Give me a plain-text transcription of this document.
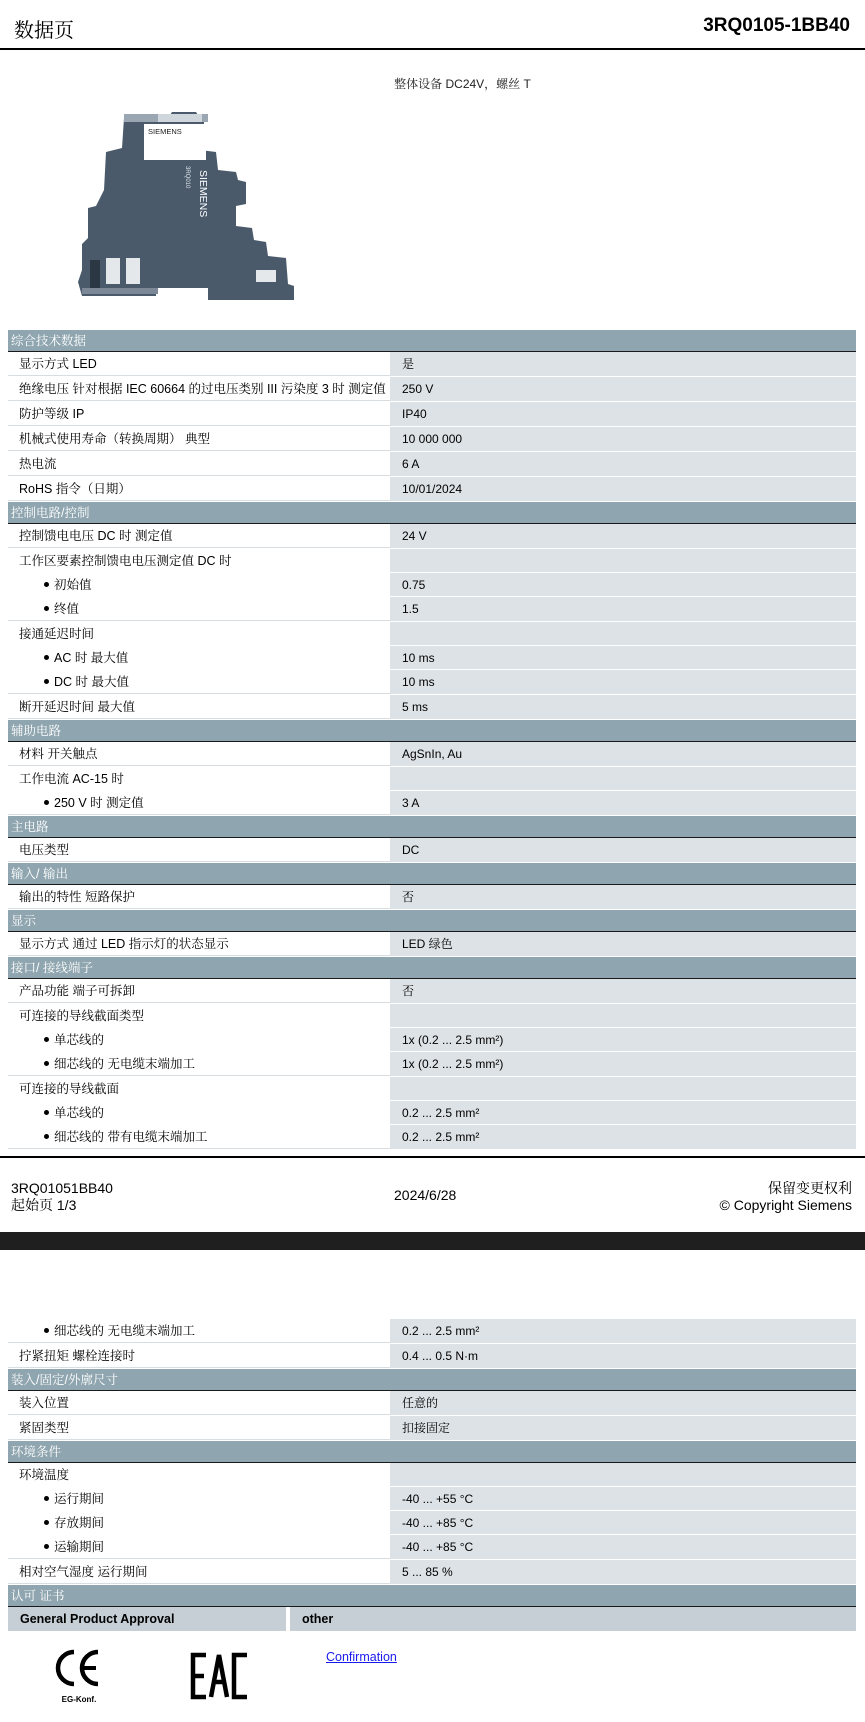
数据页	3RQ0105-1BB40
整体设备 DC24V，螺丝 T
SIEMENS
SIEMENS
3RQ010
综合技术数据
显示方式 LED	是
绝缘电压 针对根据 IEC 60664 的过电压类别 III 污染度 3 时 测定值	250 V
防护等级 IP	IP40
机械式使用寿命（转换周期） 典型	10 000 000
热电流	6 A
RoHS 指令（日期）	10/01/2024
控制电路/控制
控制馈电电压 DC 时 测定值	24 V
工作区要素控制馈电电压测定值 DC 时
初始值	0.75
终值	1.5
接通延迟时间
AC 时 最大值	10 ms
DC 时 最大值	10 ms
断开延迟时间 最大值	5 ms
辅助电路
材料 开关触点	AgSnIn, Au
工作电流 AC-15 时
250 V 时 测定值	3 A
主电路
电压类型	DC
输入/ 输出
输出的特性 短路保护	否
显示
显示方式 通过 LED 指示灯的状态显示	LED 绿色
接口/ 接线端子
产品功能 端子可拆卸	否
可连接的导线截面类型
单芯线的	1x (0.2 ... 2.5 mm²)
细芯线的 无电缆末端加工	1x (0.2 ... 2.5 mm²)
可连接的导线截面
单芯线的	0.2 ... 2.5 mm²
细芯线的 带有电缆末端加工	0.2 ... 2.5 mm²
3RQ01051BB40
起始页 1/3
2024/6/28	保留变更权利
© Copyright Siemens
细芯线的 无电缆末端加工	0.2 ... 2.5 mm²
拧紧扭矩 螺栓连接时	0.4 ... 0.5 N·m
装入/固定/外廓尺寸
装入位置	任意的
紧固类型	扣接固定
环境条件
环境温度
运行期间	-40 ... +55 °C
存放期间	-40 ... +85 °C
运输期间	-40 ... +85 °C
相对空气湿度 运行期间	5 ... 85 %
认可 证书
General Product Approval	other
EG-Konf.
Confirmation
